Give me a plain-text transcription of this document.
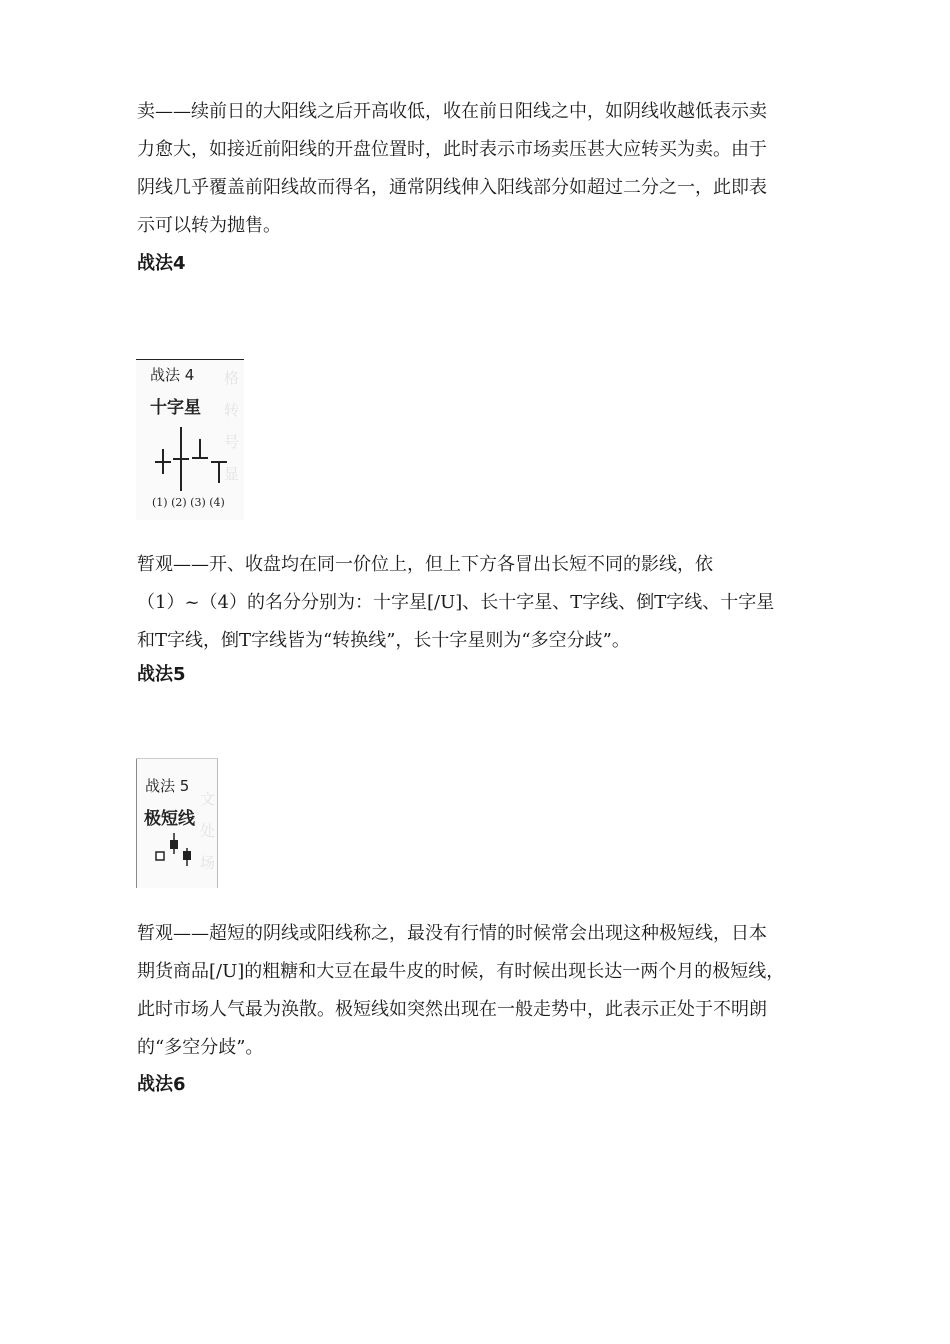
卖——续前日的大阳线之后开高收低，收在前日阳线之中，如阴线收越低表示卖
力愈大，如接近前阳线的开盘位置时，此时表示市场卖压甚大应转买为卖。由于
阴线几乎覆盖前阳线故而得名，通常阴线伸入阳线部分如超过二分之一，此即表
示可以转为抛售。
战法4
格
转
号
显
战法 4
十字星
(1) (2) (3) (4)
暂观——开、收盘均在同一价位上，但上下方各冒出长短不同的影线，依
（1）~（4）的名分分别为：十字星[/U]、长十字星、T字线、倒T字线、十字星
和T字线，倒T字线皆为“转换线”，长十字星则为“多空分歧”。
战法5
文
处
场
战法 5
极短线
暂观——超短的阴线或阳线称之，最没有行情的时候常会出现这种极短线，日本
期货商品[/U]的粗糖和大豆在最牛皮的时候，有时候出现长达一两个月的极短线，
此时市场人气最为涣散。极短线如突然出现在一般走势中，此表示正处于不明朗
的“多空分歧”。
战法6
